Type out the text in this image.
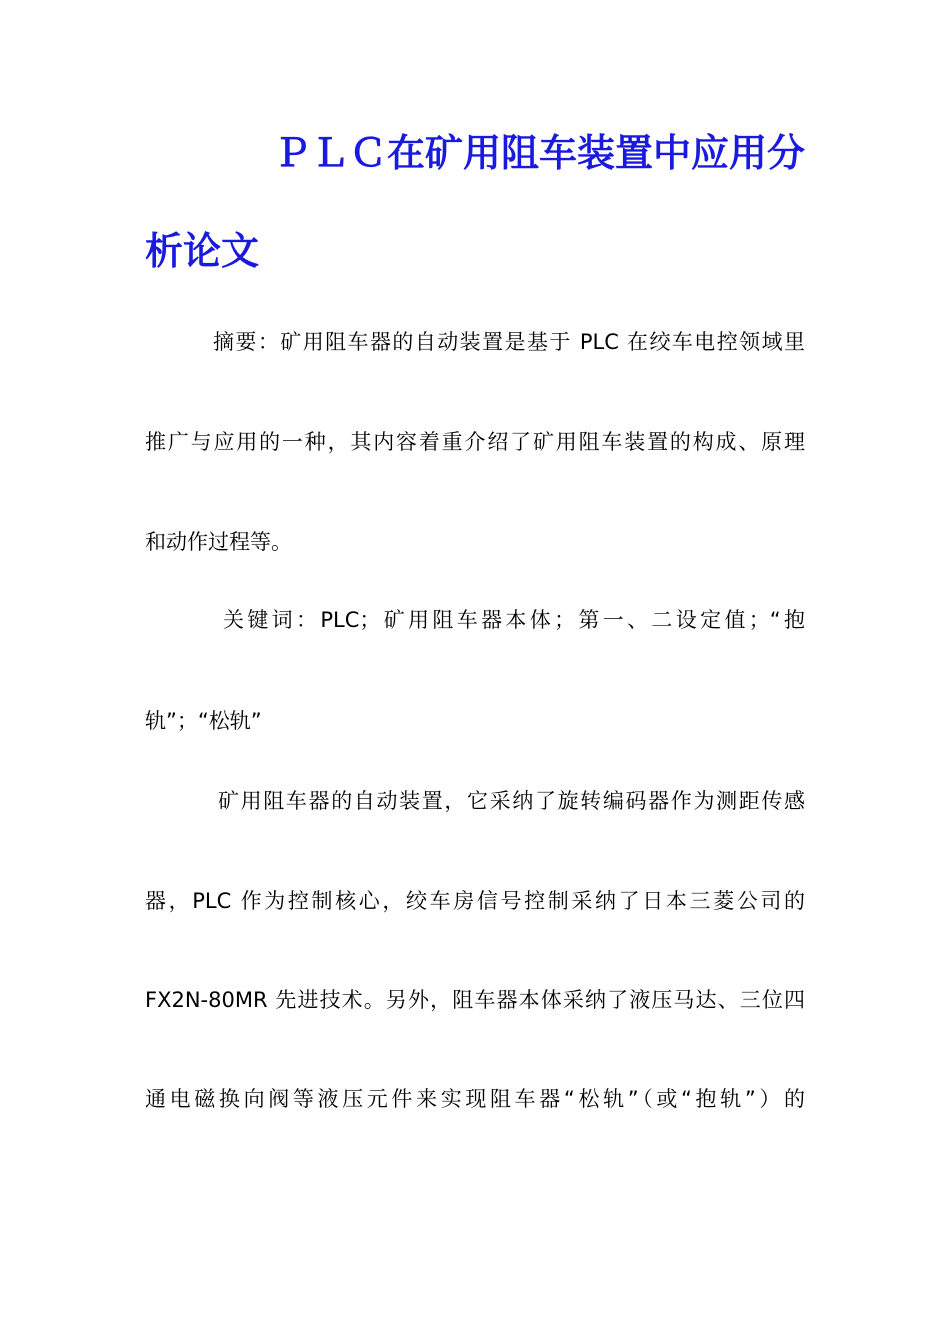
ＰＬＣ在矿用阻车装置中应用分
析论文
摘要：矿用阻车器的自动装置是基于 PLC 在绞车电控领域里
推广与应用的一种，其内容着重介绍了矿用阻车装置的构成、原理
和动作过程等。
关键词：PLC；矿用阻车器本体；第一、二设定值；“抱
轨”；“松轨”
矿用阻车器的自动装置，它采纳了旋转编码器作为测距传感
器，PLC 作为控制核心，绞车房信号控制采纳了日本三菱公司的
FX2N-80MR 先进技术。另外，阻车器本体采纳了液压马达、三位四
通电磁换向阀等液压元件来实现阻车器“松轨”（或“抱轨”）的
